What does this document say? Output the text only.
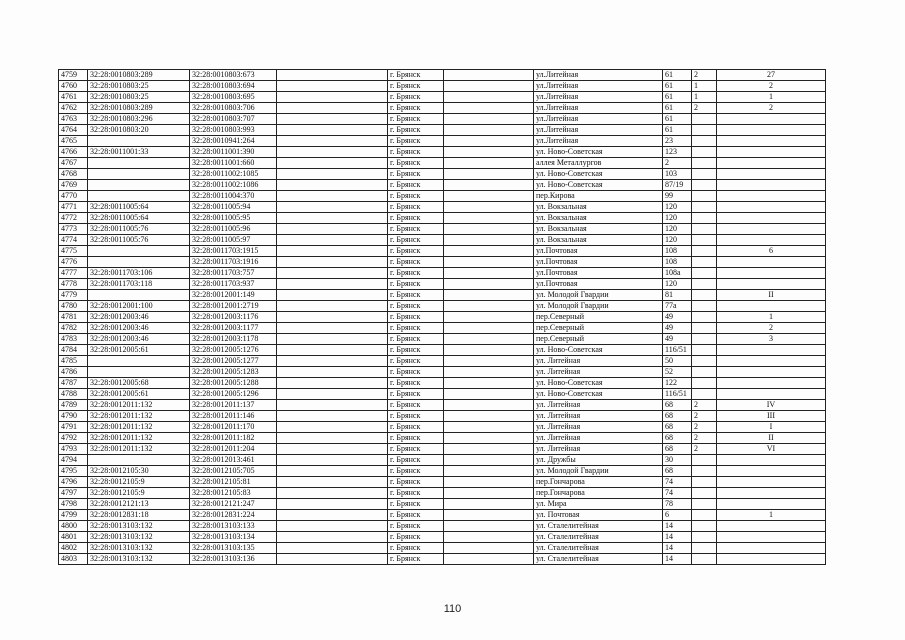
4759	32:28:0010803:289	32:28:0010803:673		г. Брянск		ул.Литейная	61	2	27
4760	32:28:0010803:25	32:28:0010803:694		г. Брянск		ул.Литейная	61	1	2
4761	32:28:0010803:25	32:28:0010803:695		г. Брянск		ул.Литейная	61	1	1
4762	32:28:0010803:289	32:28:0010803:706		г. Брянск		ул.Литейная	61	2	2
4763	32:28:0010803:296	32:28:0010803:707		г. Брянск		ул.Литейная	61		
4764	32:28:0010803:20	32:28:0010803:993		г. Брянск		ул.Литейная	61		
4765		32:28:0010941:264		г. Брянск		ул.Литейная	23		
4766	32:28:0011001:33	32:28:0011001:390		г. Брянск		ул. Ново-Советская	123		
4767		32:28:0011001:660		г. Брянск		аллея Металлургов	2		
4768		32:28:0011002:1085		г. Брянск		ул. Ново-Советская	103		
4769		32:28:0011002:1086		г. Брянск		ул. Ново-Советская	87/19		
4770		32:28:0011004:370		г. Брянск		пер.Кирова	99		
4771	32:28:0011005:64	32:28:0011005:94		г. Брянск		ул. Вокзальная	120		
4772	32:28:0011005:64	32:28:0011005:95		г. Брянск		ул. Вокзальная	120		
4773	32:28:0011005:76	32:28:0011005:96		г. Брянск		ул. Вокзальная	120		
4774	32:28:0011005:76	32:28:0011005:97		г. Брянск		ул. Вокзальная	120		
4775		32:28:0011703:1915		г. Брянск		ул.Почтовая	108		6
4776		32:28:0011703:1916		г. Брянск		ул.Почтовая	108		
4777	32:28:0011703:106	32:28:0011703:757		г. Брянск		ул.Почтовая	108а		
4778	32:28:0011703:118	32:28:0011703:937		г. Брянск		ул.Почтовая	120		
4779		32:28:0012001:149		г. Брянск		ул. Молодой Гвардии	81		II
4780	32:28:0012001:100	32:28:0012001:2719		г. Брянск		ул. Молодой Гвардии	77а		
4781	32:28:0012003:46	32:28:0012003:1176		г. Брянск		пер.Северный	49		1
4782	32:28:0012003:46	32:28:0012003:1177		г. Брянск		пер.Северный	49		2
4783	32:28:0012003:46	32:28:0012003:1178		г. Брянск		пер.Северный	49		3
4784	32:28:0012005:61	32:28:0012005:1276		г. Брянск		ул. Ново-Советская	116/51		
4785		32:28:0012005:1277		г. Брянск		ул. Литейная	50		
4786		32:28:0012005:1283		г. Брянск		ул. Литейная	52		
4787	32:28:0012005:68	32:28:0012005:1288		г. Брянск		ул. Ново-Советская	122		
4788	32:28:0012005:61	32:28:0012005:1296		г. Брянск		ул. Ново-Советская	116/51		
4789	32:28:0012011:132	32:28:0012011:137		г. Брянск		ул. Литейная	68	2	IV
4790	32:28:0012011:132	32:28:0012011:146		г. Брянск		ул. Литейная	68	2	III
4791	32:28:0012011:132	32:28:0012011:170		г. Брянск		ул. Литейная	68	2	I
4792	32:28:0012011:132	32:28:0012011:182		г. Брянск		ул. Литейная	68	2	II
4793	32:28:0012011:132	32:28:0012011:204		г. Брянск		ул. Литейная	68	2	VI
4794		32:28:0012013:461		г. Брянск		ул. Дружбы	30		
4795	32:28:0012105:30	32:28:0012105:705		г. Брянск		ул. Молодой Гвардии	68		
4796	32:28:0012105:9	32:28:0012105:81		г. Брянск		пер.Гончарова	74		
4797	32:28:0012105:9	32:28:0012105:83		г. Брянск		пер.Гончарова	74		
4798	32:28:0012121:13	32:28:0012121:247		г. Брянск		ул. Мира	78		
4799	32:28:0012831:18	32:28:0012831:224		г. Брянск		ул. Почтовая	6		1
4800	32:28:0013103:132	32:28:0013103:133		г. Брянск		ул. Сталелитейная	14		
4801	32:28:0013103:132	32:28:0013103:134		г. Брянск		ул. Сталелитейная	14		
4802	32:28:0013103:132	32:28:0013103:135		г. Брянск		ул. Сталелитейная	14		
4803	32:28:0013103:132	32:28:0013103:136		г. Брянск		ул. Сталелитейная	14		
110
